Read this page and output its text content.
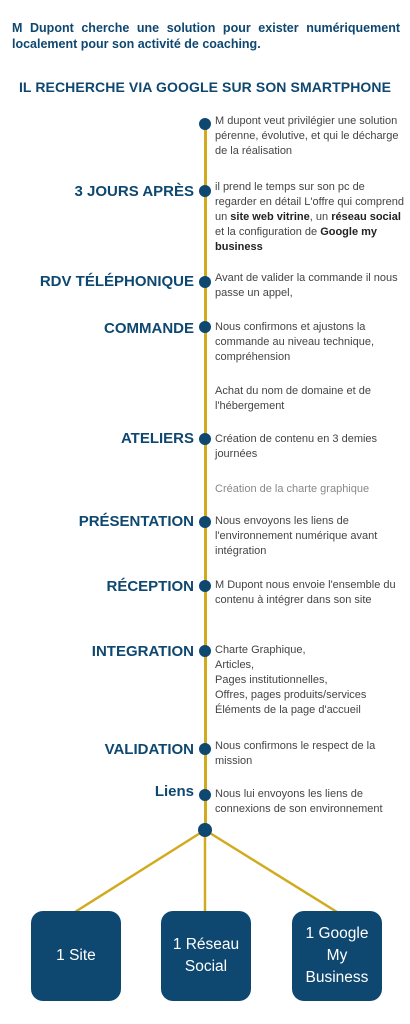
M Dupont cherche une solution pour exister numériquement localement pour son activité de coaching.
IL RECHERCHE VIA GOOGLE SUR SON SMARTPHONE
M dupont veut privilégier une solution pérenne, évolutive, et qui le décharge de la réalisation
3 JOURS APRÈS il prend le temps sur son pc de regarder en détail L'offre qui comprend un site web vitrine, un réseau social et la configuration de Google my business
RDV TÉLÉPHONIQUE Avant de valider la commande il nous passe un appel,
COMMANDE Nous confirmons et ajustons la commande au niveau technique, compréhension
Achat du nom de domaine et de l'hébergement
ATELIERS Création de contenu en 3 demies journées
Création de la charte graphique
PRÉSENTATION Nous envoyons les liens de l'environnement numérique avant intégration
RÉCEPTION M Dupont nous envoie l'ensemble du contenu à intégrer dans son site
INTEGRATION Charte Graphique,
Articles,
Pages institutionnelles,
Offres, pages produits/services
Éléments de la page d'accueil
VALIDATION Nous confirmons le respect de la mission
Liens Nous lui envoyons les liens de connexions de son environnement
1 Site
1 Réseau
Social
1 Google
My
Business
